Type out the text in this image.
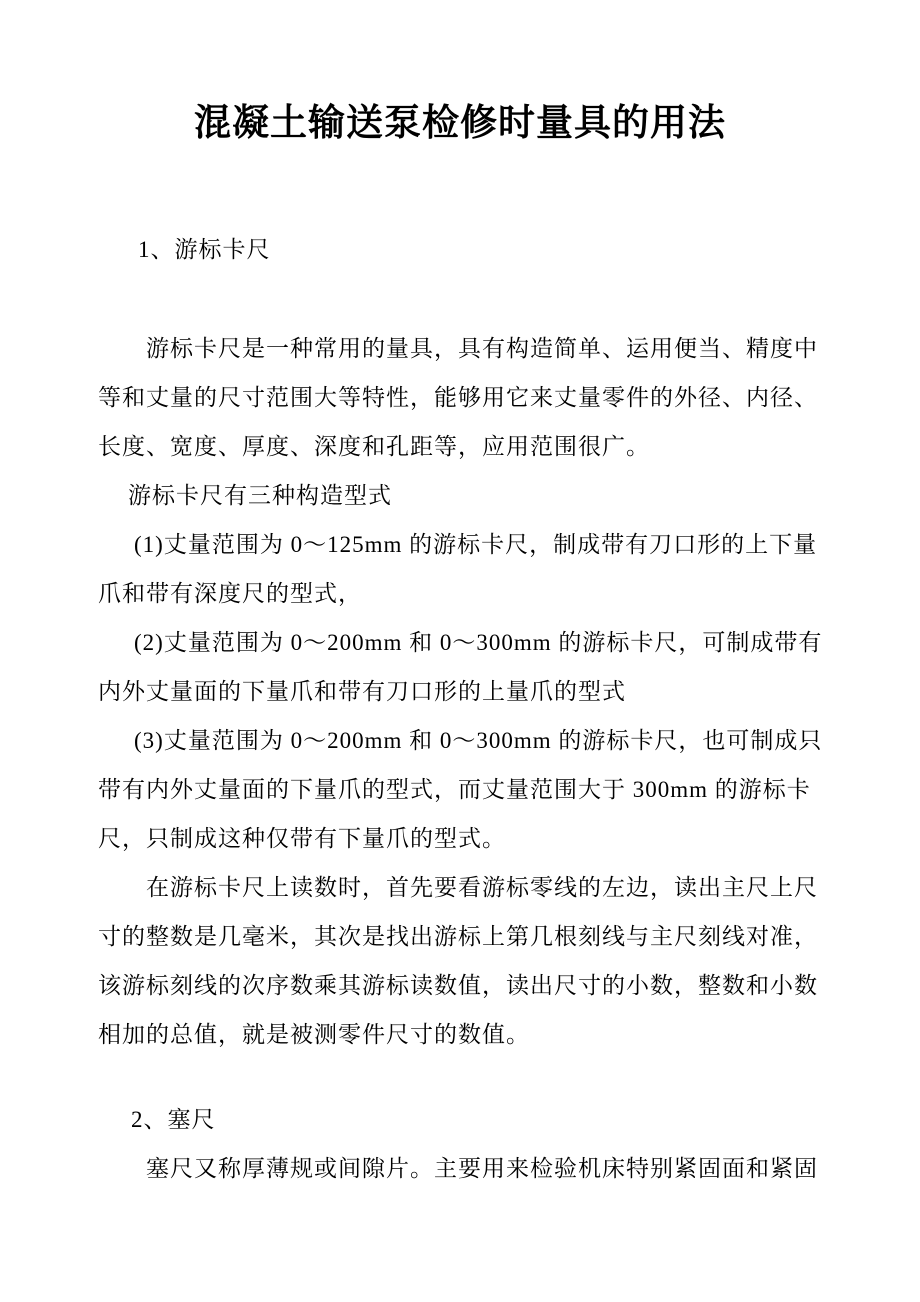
混凝土输送泵检修时量具的用法
1、游标卡尺
游标卡尺是一种常用的量具，具有构造简单、运用便当、精度中
等和丈量的尺寸范围大等特性，能够用它来丈量零件的外径、内径、
长度、宽度、厚度、深度和孔距等，应用范围很广。
游标卡尺有三种构造型式
(1)丈量范围为 0～125mm 的游标卡尺，制成带有刀口形的上下量
爪和带有深度尺的型式，
(2)丈量范围为 0～200mm 和 0～300mm 的游标卡尺，可制成带有
内外丈量面的下量爪和带有刀口形的上量爪的型式
(3)丈量范围为 0～200mm 和 0～300mm 的游标卡尺，也可制成只
带有内外丈量面的下量爪的型式，而丈量范围大于 300mm 的游标卡
尺，只制成这种仅带有下量爪的型式。
在游标卡尺上读数时，首先要看游标零线的左边，读出主尺上尺
寸的整数是几毫米，其次是找出游标上第几根刻线与主尺刻线对准，
该游标刻线的次序数乘其游标读数值，读出尺寸的小数，整数和小数
相加的总值，就是被测零件尺寸的数值。
2、塞尺
塞尺又称厚薄规或间隙片。主要用来检验机床特别紧固面和紧固
